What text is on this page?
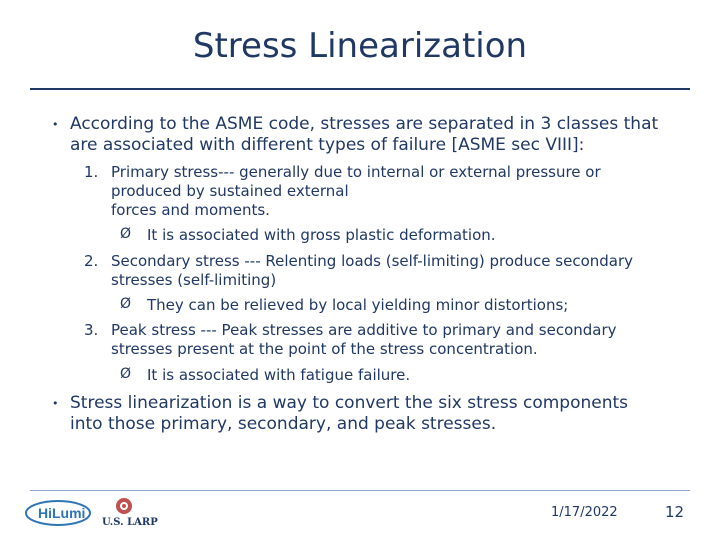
Stress Linearization
• According to the ASME code, stresses are separated in 3 classes that
are associated with different types of failure [ASME sec VIII]:
1. Primary stress--- generally due to internal or external pressure or
produced by sustained external
forces and moments.
Ø It is associated with gross plastic deformation.
2. Secondary stress --- Relenting loads (self-limiting) produce secondary
stresses (self-limiting)
Ø They can be relieved by local yielding minor distortions;
3. Peak stress --- Peak stresses are additive to primary and secondary
stresses present at the point of the stress concentration.
Ø It is associated with fatigue failure.
• Stress linearization is a way to convert the six stress components
into those primary, secondary, and peak stresses.
HiLumi
U.S. LARP
1/17/2022	12
